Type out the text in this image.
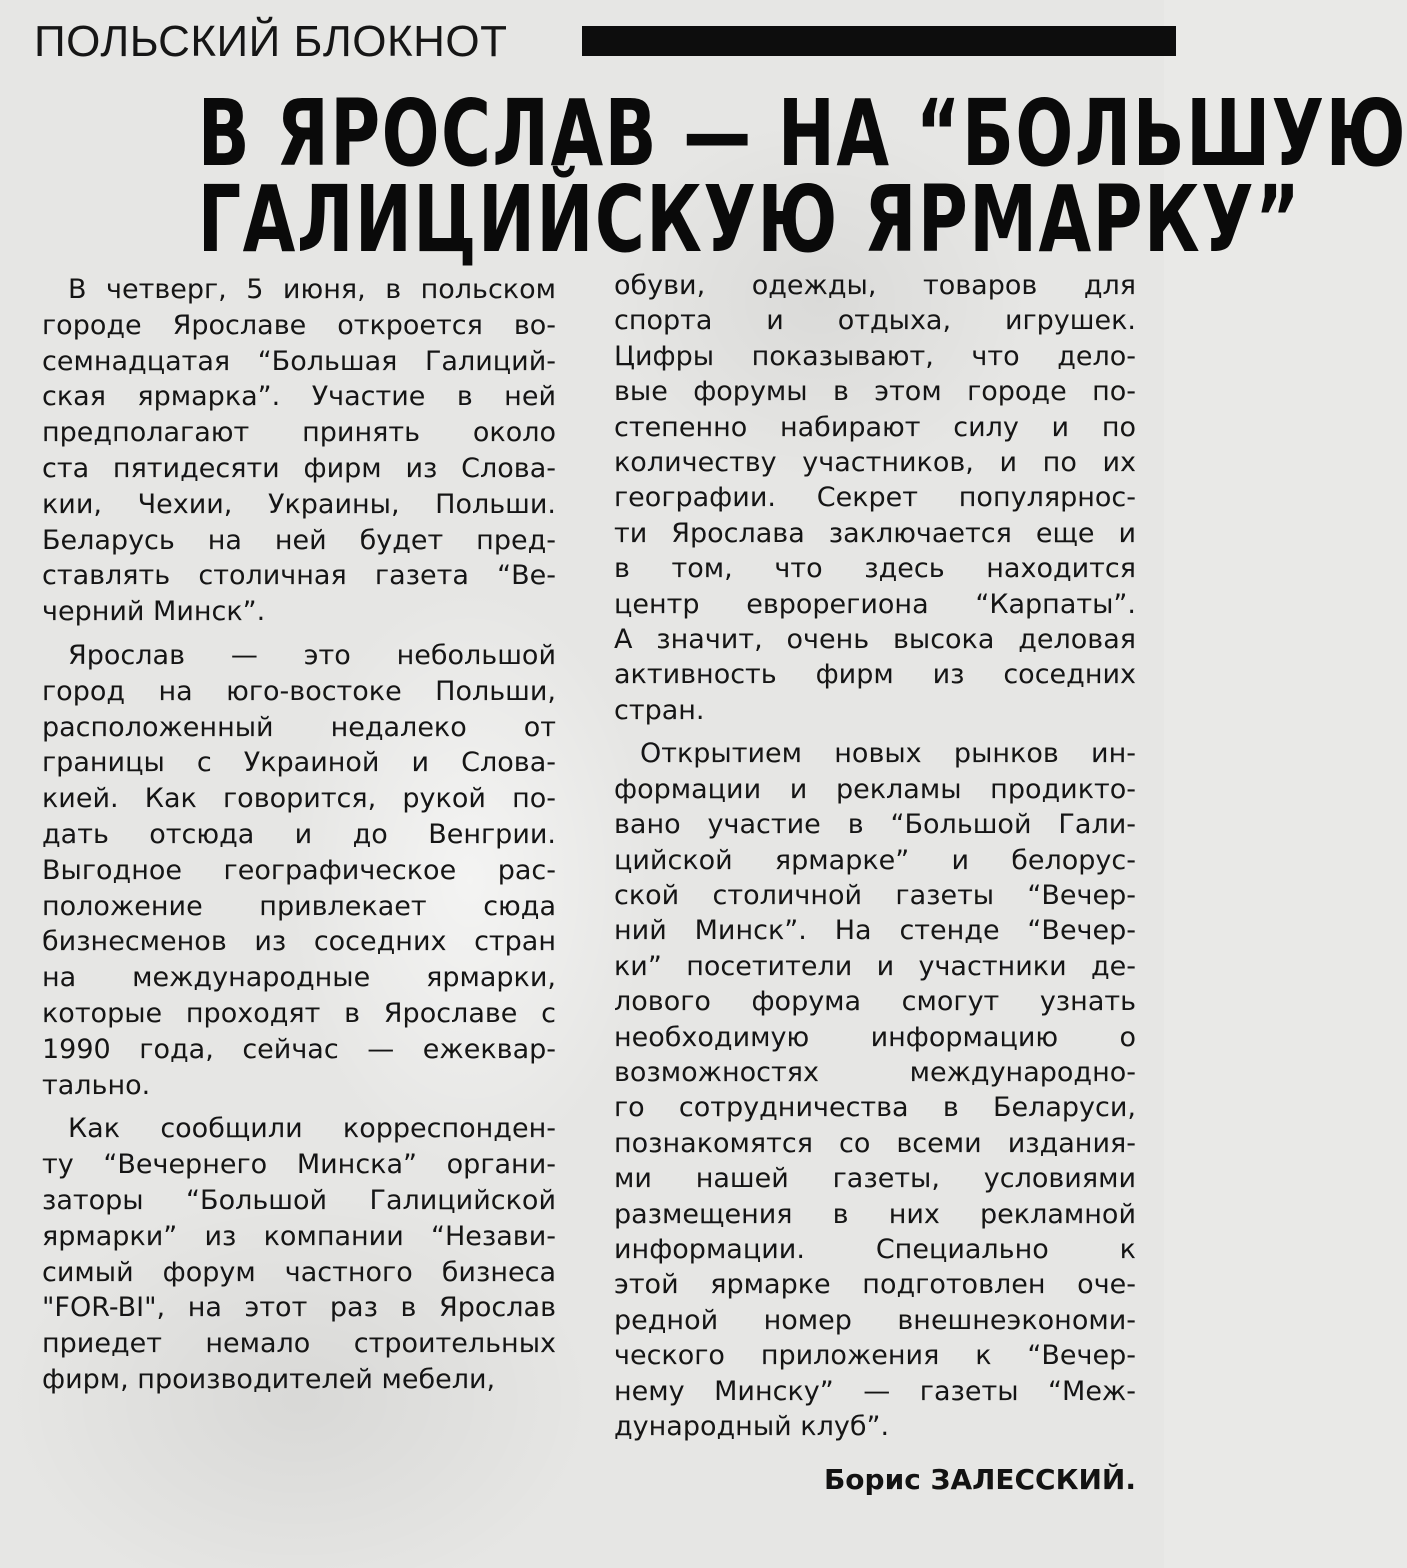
ПОЛЬСКИЙ БЛОКНОТ
В ЯРОСЛАВ — НА “БОЛЬШУЮ
ГАЛИЦИЙСКУЮ ЯРМАРКУ”
В четверг, 5 июня, в польском
городе Ярославе откроется во-
семнадцатая “Большая Галиций-
ская ярмарка”. Участие в ней
предполагают принять около
ста пятидесяти фирм из Слова-
кии, Чехии, Украины, Польши.
Беларусь на ней будет пред-
ставлять столичная газета “Ве-
черний Минск”.
Ярослав — это небольшой
город на юго-востоке Польши,
расположенный недалеко от
границы с Украиной и Слова-
кией. Как говорится, рукой по-
дать отсюда и до Венгрии.
Выгодное географическое рас-
положение привлекает сюда
бизнесменов из соседних стран
на международные ярмарки,
которые проходят в Ярославе с
1990 года, сейчас — ежеквар-
тально.
Как сообщили корреспонден-
ту “Вечернего Минска” органи-
заторы “Большой Галицийской
ярмарки” из компании “Незави-
симый форум частного бизнеса
"FOR-BI", на этот раз в Ярослав
приедет немало строительных
фирм, производителей мебели,
обуви, одежды, товаров для
спорта и отдыха, игрушек.
Цифры показывают, что дело-
вые форумы в этом городе по-
степенно набирают силу и по
количеству участников, и по их
географии. Секрет популярнос-
ти Ярослава заключается еще и
в том, что здесь находится
центр еврорегиона “Карпаты”.
А значит, очень высока деловая
активность фирм из соседних
стран.
Открытием новых рынков ин-
формации и рекламы продикто-
вано участие в “Большой Гали-
цийской ярмарке” и белорус-
ской столичной газеты “Вечер-
ний Минск”. На стенде “Вечер-
ки” посетители и участники де-
лового форума смогут узнать
необходимую информацию о
возможностях международно-
го сотрудничества в Беларуси,
познакомятся со всеми издания-
ми нашей газеты, условиями
размещения в них рекламной
информации. Специально к
этой ярмарке подготовлен оче-
редной номер внешнеэкономи-
ческого приложения к “Вечер-
нему Минску” — газеты “Меж-
дународный клуб”.
Борис ЗАЛЕССКИЙ.
